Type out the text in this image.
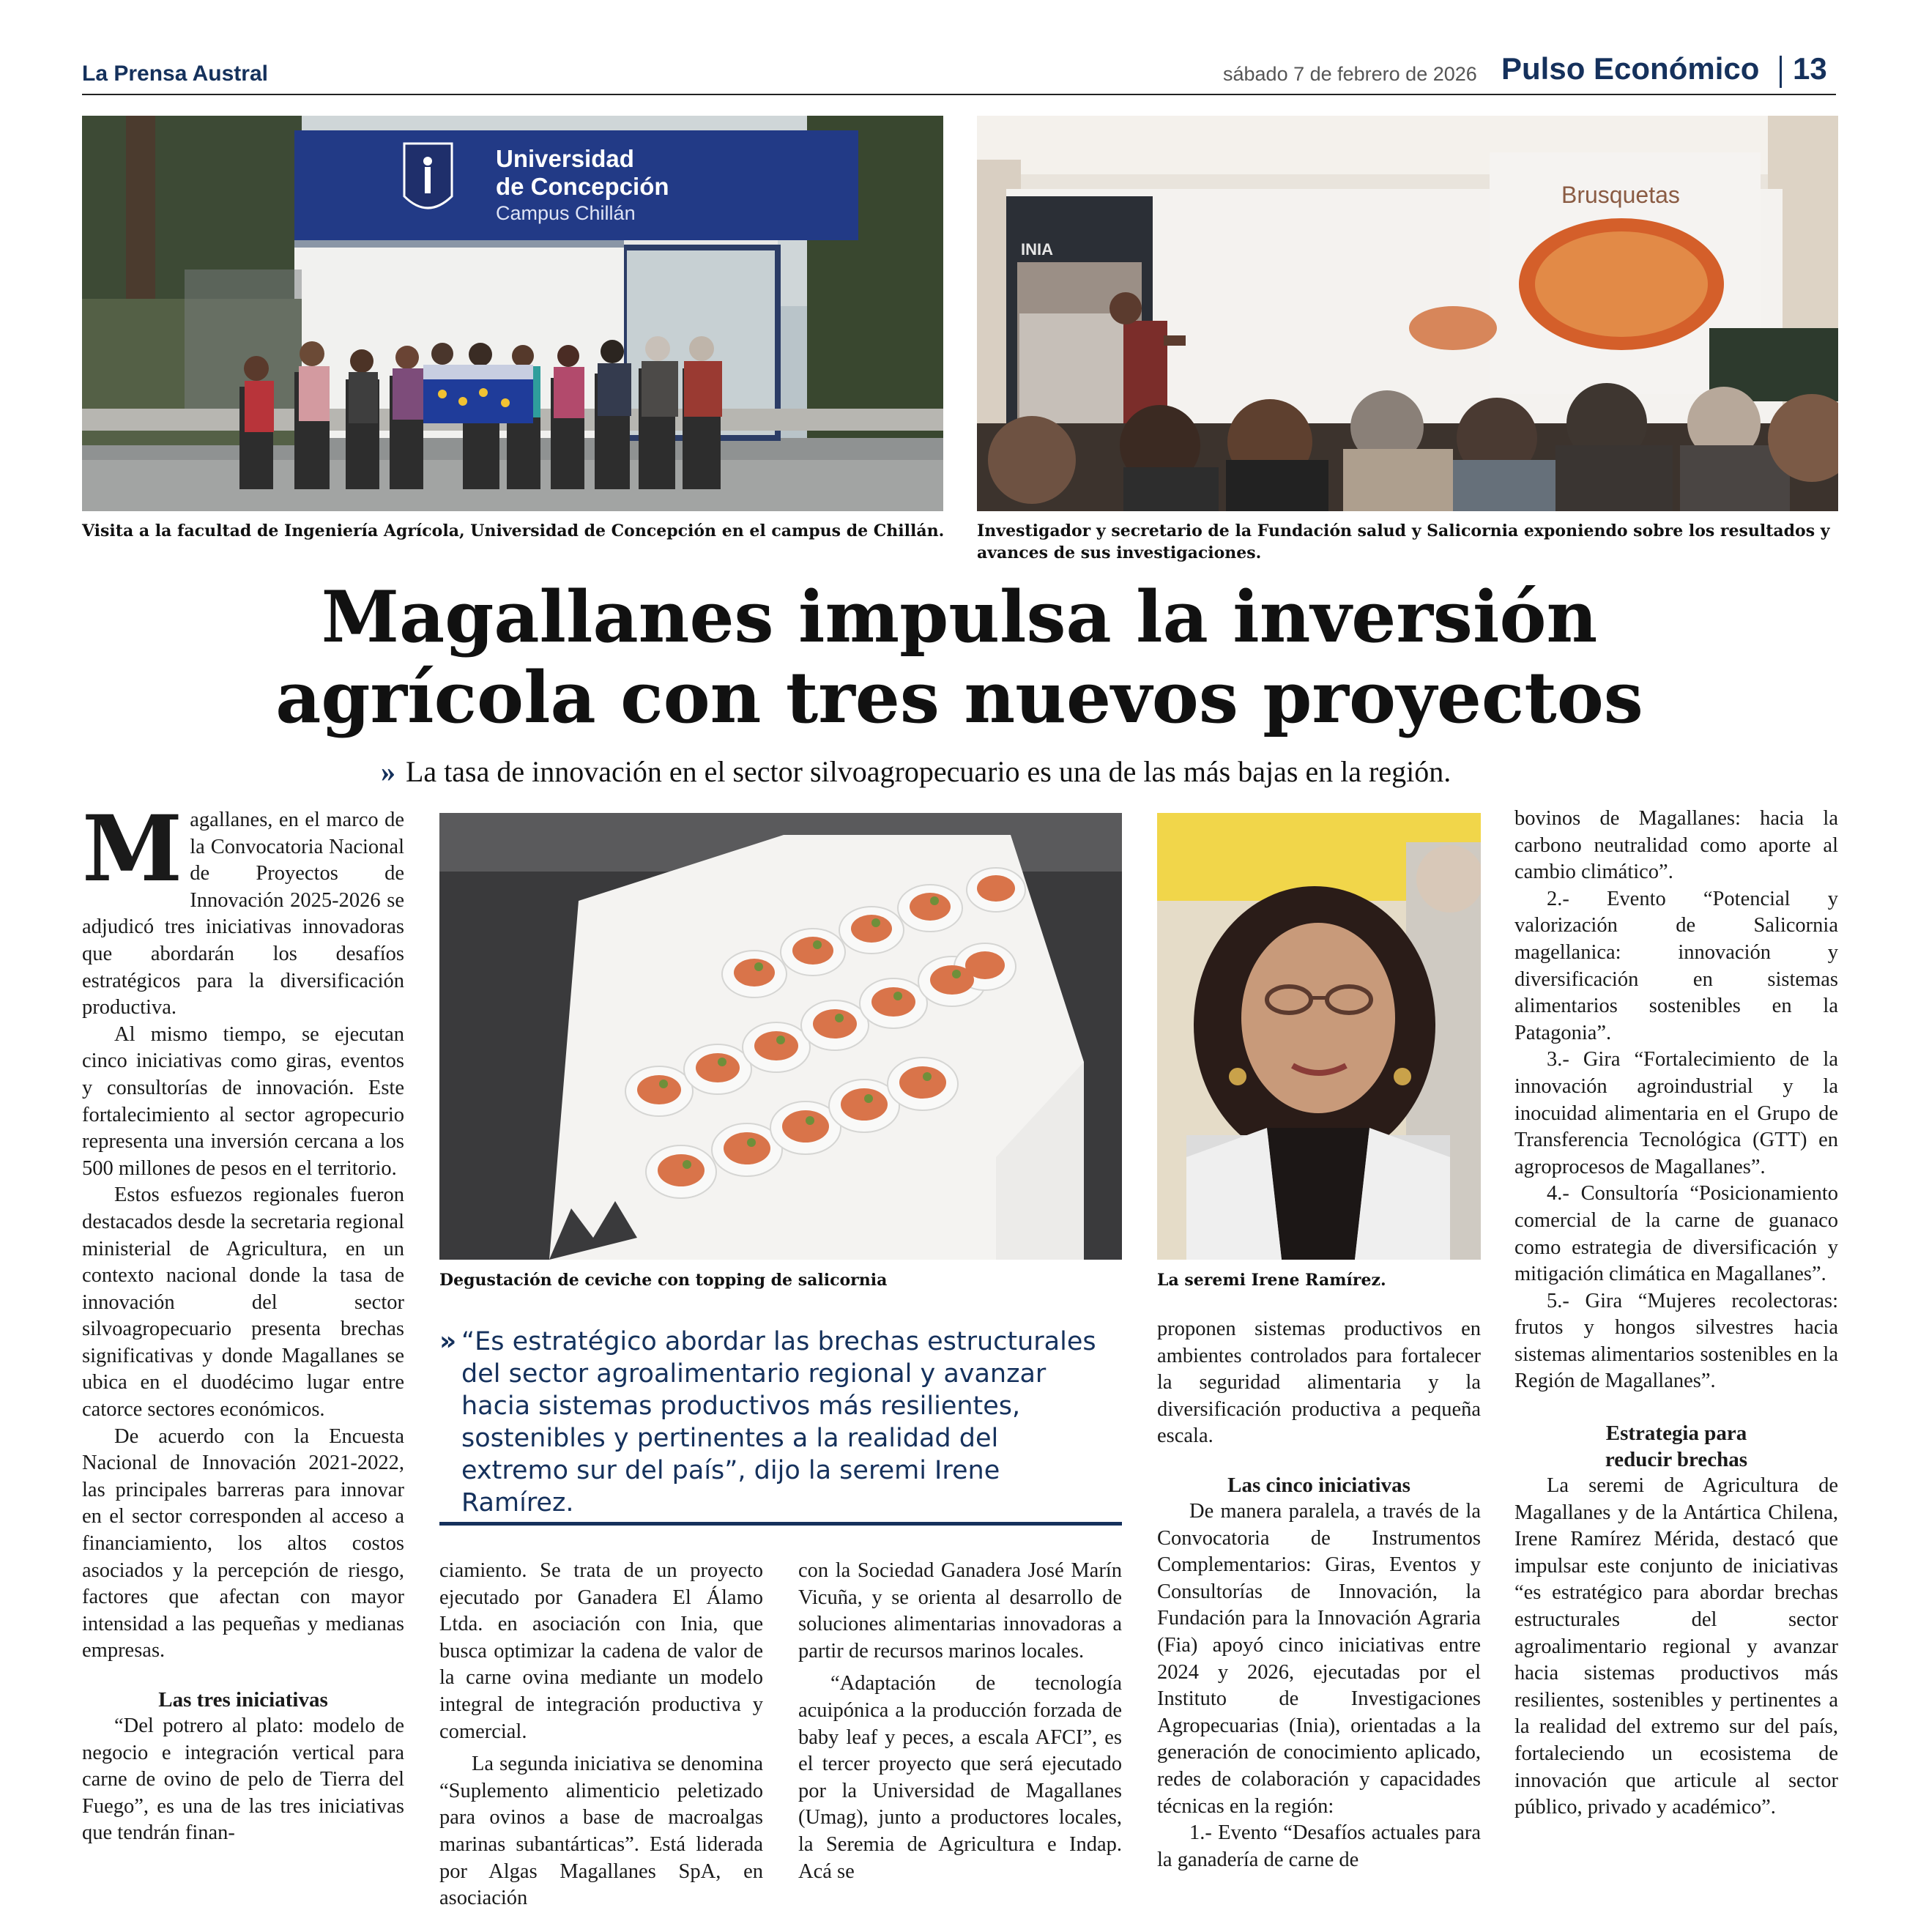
La Prensa Austral	sábado 7 de febrero de 2026 Pulso Económico 13
Universidad
de Concepción
Campus Chillán
Visita a la facultad de Ingeniería Agrícola, Universidad de Concepción en el campus de Chillán.
Brusquetas
INIA
Investigador y secretario de la Fundación salud y Salicornia exponiendo sobre los resultados y avances de sus investigaciones.
Magallanes impulsa la inversión
agrícola con tres nuevos proyectos
» La tasa de innovación en el sector silvoagropecuario es una de las más bajas en la región.

Magallanes, en el marco de la Convocatoria Nacional de Proyectos de Innovación 2025-2026 se adjudicó tres iniciativas innovadoras que abordarán los desafíos estratégicos para la diversificación productiva.

Al mismo tiempo, se ejecutan cinco iniciativas como giras, eventos y consultorías de innovación. Este fortalecimiento al sector agropecurio representa una inversión cercana a los 500 millones de pesos en el territorio.

Estos esfuezos regionales fueron destacados desde la secretaria regional ministerial de Agricultura, en un contexto nacional donde la tasa de innovación del sector silvoagropecuario presenta brechas significativas y donde Magallanes se ubica en el duodécimo lugar entre catorce sectores económicos.

De acuerdo con la Encuesta Nacional de Innovación 2021-2022, las principales barreras para innovar en el sector corresponden al acceso a financiamiento, los altos costos asociados y la percepción de riesgo, factores que afectan con mayor intensidad a las pequeñas y medianas empresas.

Las tres iniciativas

“Del potrero al plato: modelo de negocio e integración vertical para carne de ovino de pelo de Tierra del Fuego”, es una de las tres iniciativas que tendrán finan-

Degustación de ceviche con topping de salicornia	La seremi Irene Ramírez.
» “Es estratégico abordar las brechas estructurales del sector agroalimentario regional y avanzar hacia sistemas productivos más resilientes, sostenibles y pertinentes a la realidad del extremo sur del país”, dijo la seremi Irene Ramírez.

ciamiento. Se trata de un proyecto ejecutado por Ganadera El Álamo Ltda. en asociación con Inia, que busca optimizar la cadena de valor de la carne ovina mediante un modelo integral de integración productiva y comercial.

La segunda iniciativa se denomina “Suplemento alimenticio peletizado para ovinos a base de macroalgas marinas subantárticas”. Está liderada por Algas Magallanes SpA, en asociación

con la Sociedad Ganadera José Marín Vicuña, y se orienta al desarrollo de soluciones alimentarias innovadoras a partir de recursos marinos locales.

“Adaptación de tecnología acuipónica a la producción forzada de baby leaf y peces, a escala AFCI”, es el tercer proyecto que será ejecutado por la Universidad de Magallanes (Umag), junto a productores locales, la Seremia de Agricultura e Indap. Acá se

proponen sistemas productivos en ambientes controlados para fortalecer la seguridad alimentaria y la diversificación productiva a pequeña escala.

Las cinco iniciativas

De manera paralela, a través de la Convocatoria de Instrumentos Complementarios: Giras, Eventos y Consultorías de Innovación, la Fundación para la Innovación Agraria (Fia) apoyó cinco iniciativas entre 2024 y 2026, ejecutadas por el Instituto de Investigaciones Agropecuarias (Inia), orientadas a la generación de conocimiento aplicado, redes de colaboración y capacidades técnicas en la región:

1.- Evento “Desafíos actuales para la ganadería de carne de

bovinos de Magallanes: hacia la carbono neutralidad como aporte al cambio climático”.

2.- Evento “Potencial y valorización de Salicornia magellanica: innovación y diversificación en sistemas alimentarios sostenibles en la Patagonia”.

3.- Gira “Fortalecimiento de la innovación agroindustrial y la inocuidad alimentaria en el Grupo de Transferencia Tecnológica (GTT) en agroprocesos de Magallanes”.

4.- Consultoría “Posicionamiento comercial de la carne de guanaco como estrategia de diversificación y mitigación climática en Magallanes”.

5.- Gira “Mujeres recolectoras: frutos y hongos silvestres hacia sistemas alimentarios sostenibles en la Región de Magallanes”.

Estrategia para
reducir brechas

La seremi de Agricultura de Magallanes y de la Antártica Chilena, Irene Ramírez Mérida, destacó que impulsar este conjunto de iniciativas “es estratégico para abordar brechas estructurales del sector agroalimentario regional y avanzar hacia sistemas productivos más resilientes, sostenibles y pertinentes a la realidad del extremo sur del país, fortaleciendo un ecosistema de innovación que articule al sector público, privado y académico”.
